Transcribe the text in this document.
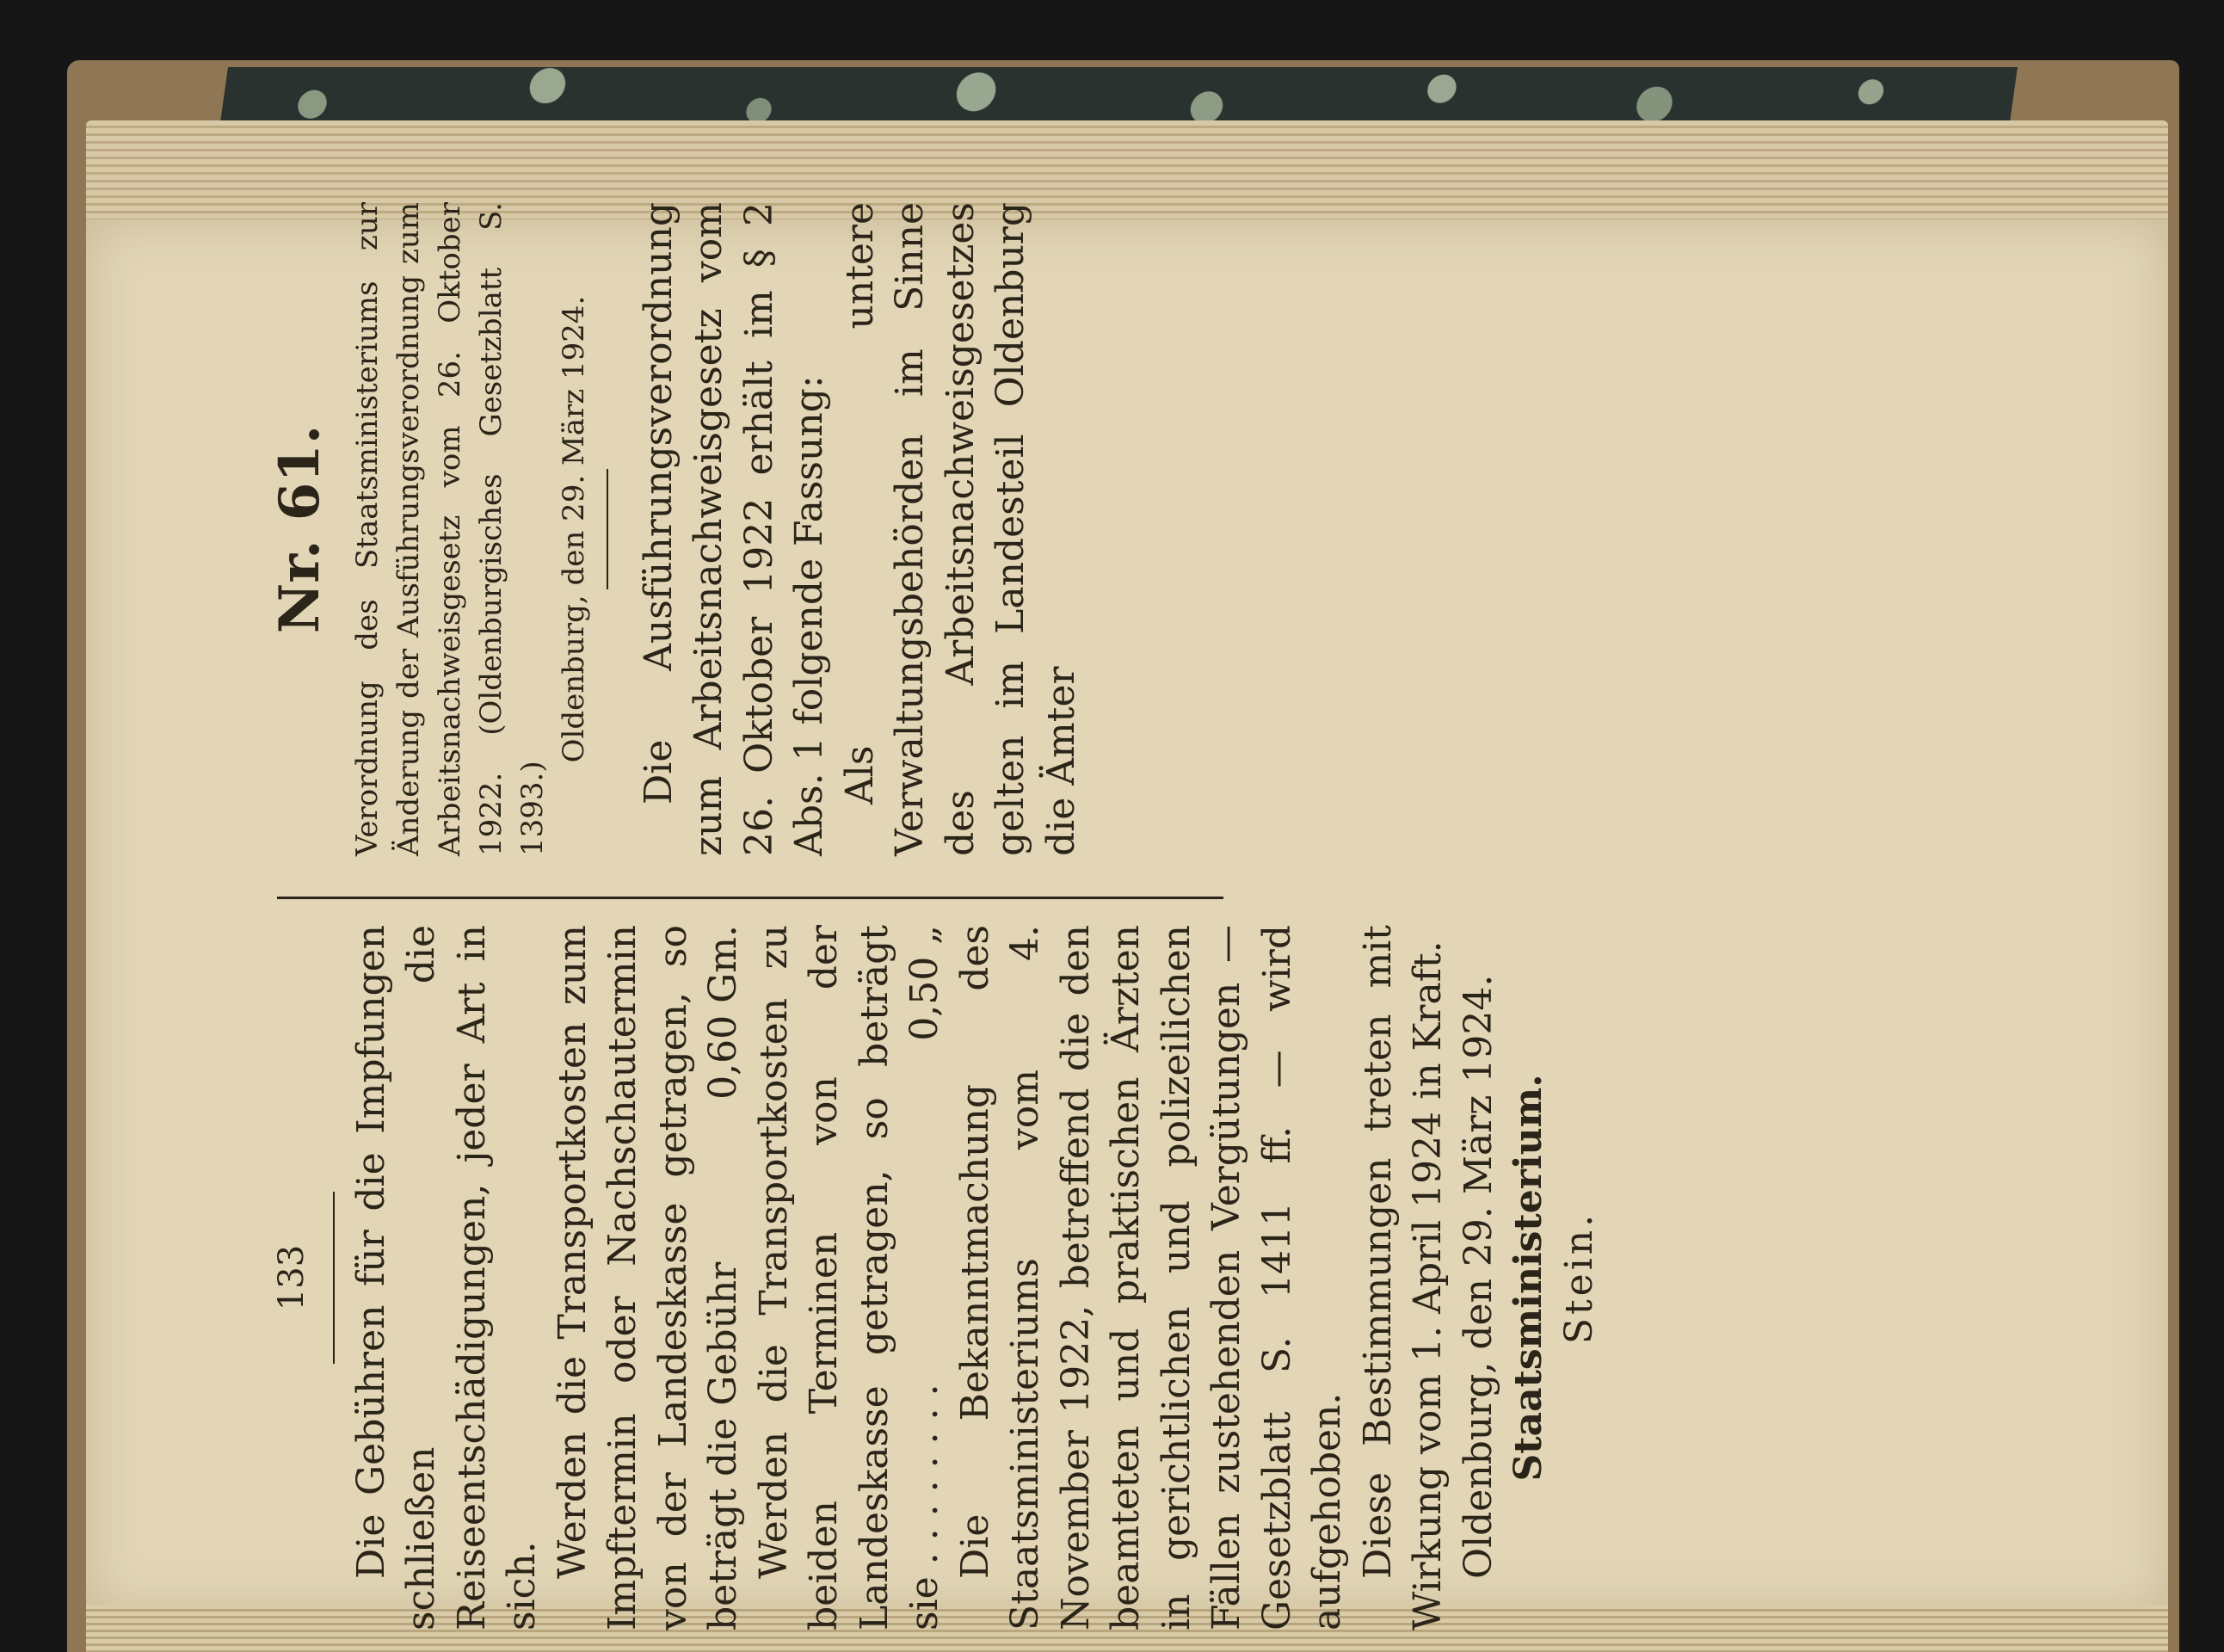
133 Die Gebühren für die Impfungen schließen die Reiseentschädigungen, jeder Art in sich.

Werden die Transportkosten zum Impftermin oder Nachschautermin von der Landeskasse getragen, so beträgt die Gebühr
0,60 Gm. Werden die Transportkosten zu beiden Terminen von der Landeskasse getragen, so beträgt sie . . . . . . . .
0,50 „ Die Bekanntmachung des Staatsministeriums vom 4. November 1922, betreffend die den beamteten und praktischen Ärzten in gerichtlichen und polizeilichen Fällen zustehenden Vergütungen — Gesetzblatt S. 1411 ff. — wird aufgehoben. Diese Bestimmungen treten mit Wirkung vom 1. April 1924 in Kraft. Oldenburg, den 29. März 1924. Staatsministerium. Stein.

Nr. 61. Verordnung des Staatsministeriums zur Änderung der Ausführungsverordnung zum Arbeitsnachweisgesetz vom 26. Oktober 1922. (Oldenburgisches Gesetzblatt S. 1393.)

Oldenburg, den 29. März 1924. Die Ausführungsverordnung zum Arbeitsnachweisgesetz vom 26. Oktober 1922 erhält im § 2 Abs. 1 folgende Fassung: Als untere Verwaltungsbehörden im Sinne des Arbeitsnachweisgesetzes gelten im Landesteil Oldenburg die Ämter
